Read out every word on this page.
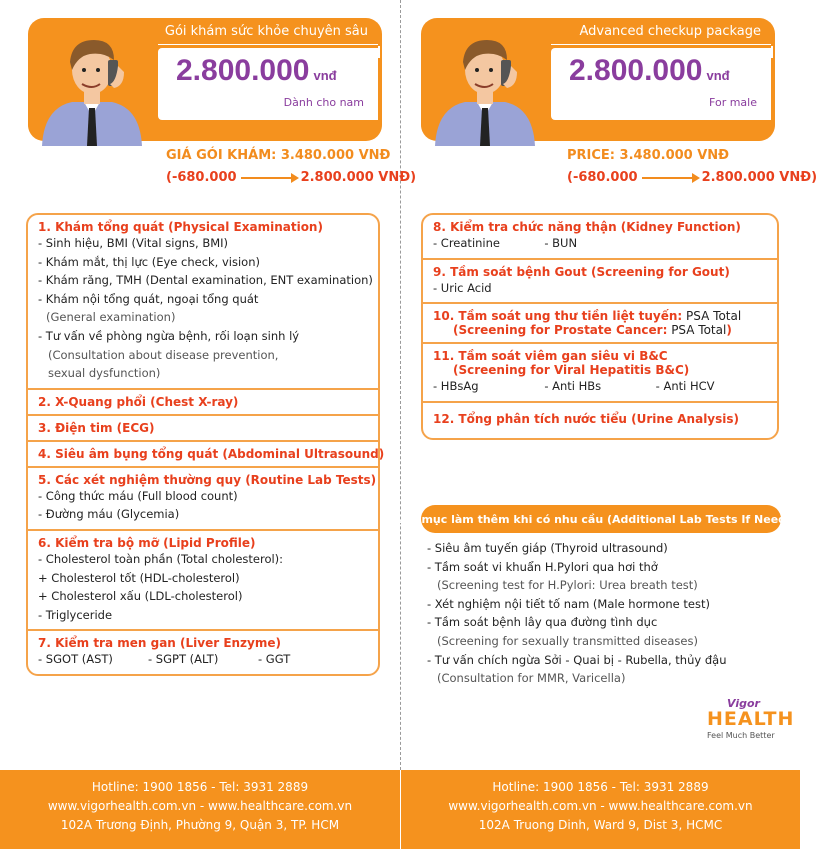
Gói khám sức khỏe chuyên sâu
2.800.000 vnđ
Dành cho nam
GIÁ GÓI KHÁM: 3.480.000 VNĐ
(-680.000	2.800.000 VNĐ)
1. Khám tổng quát (Physical Examination)
- Sinh hiệu, BMI (Vital signs, BMI)
- Khám mắt, thị lực (Eye check, vision)
- Khám răng, TMH (Dental examination, ENT examination)
- Khám nội tổng quát, ngoại tổng quát
(General examination)
- Tư vấn về phòng ngừa bệnh, rối loạn sinh lý
(Consultation about disease prevention,
sexual dysfunction)
2. X-Quang phổi (Chest X-ray)
3. Điện tim (ECG)
4. Siêu âm bụng tổng quát (Abdominal Ultrasound)
5. Các xét nghiệm thường quy (Routine Lab Tests)
- Công thức máu (Full blood count)
- Đường máu (Glycemia)
6. Kiểm tra bộ mỡ (Lipid Profile)
- Cholesterol toàn phần (Total cholesterol):
+ Cholesterol tốt (HDL-cholesterol)
+ Cholesterol xấu (LDL-cholesterol)
- Triglyceride
7. Kiểm tra men gan (Liver Enzyme)
- SGOT (AST)	- SGPT (ALT)	- GGT
Hotline: 1900 1856 - Tel: 3931 2889
www.vigorhealth.com.vn - www.healthcare.com.vn
102A Trương Định, Phường 9, Quận 3, TP. HCM
Advanced checkup package
2.800.000 vnđ
For male
PRICE: 3.480.000 VNĐ
(-680.000	2.800.000 VNĐ)
8. Kiểm tra chức năng thận (Kidney Function)
- Creatinine	- BUN
9. Tầm soát bệnh Gout (Screening for Gout)
- Uric Acid
10. Tầm soát ung thư tiền liệt tuyến: PSA Total
(Screening for Prostate Cancer: PSA Total)
11. Tầm soát viêm gan siêu vi B&C
(Screening for Viral Hepatitis B&C)
- HBsAg	- Anti HBs	- Anti HCV
12. Tổng phân tích nước tiểu (Urine Analysis)
Các mục làm thêm khi có nhu cầu (Additional Lab Tests If Needed)
- Siêu âm tuyến giáp (Thyroid ultrasound)
- Tầm soát vi khuẩn H.Pylori qua hơi thở
(Screening test for H.Pylori: Urea breath test)
- Xét nghiệm nội tiết tố nam (Male hormone test)
- Tầm soát bệnh lây qua đường tình dục
(Screening for sexually transmitted diseases)
- Tư vấn chích ngừa Sởi - Quai bị - Rubella, thủy đậu
(Consultation for MMR, Varicella)
Vigor
HEALTH
Feel Much Better
Hotline: 1900 1856 - Tel: 3931 2889
www.vigorhealth.com.vn - www.healthcare.com.vn
102A Truong Dinh, Ward 9, Dist 3, HCMC
